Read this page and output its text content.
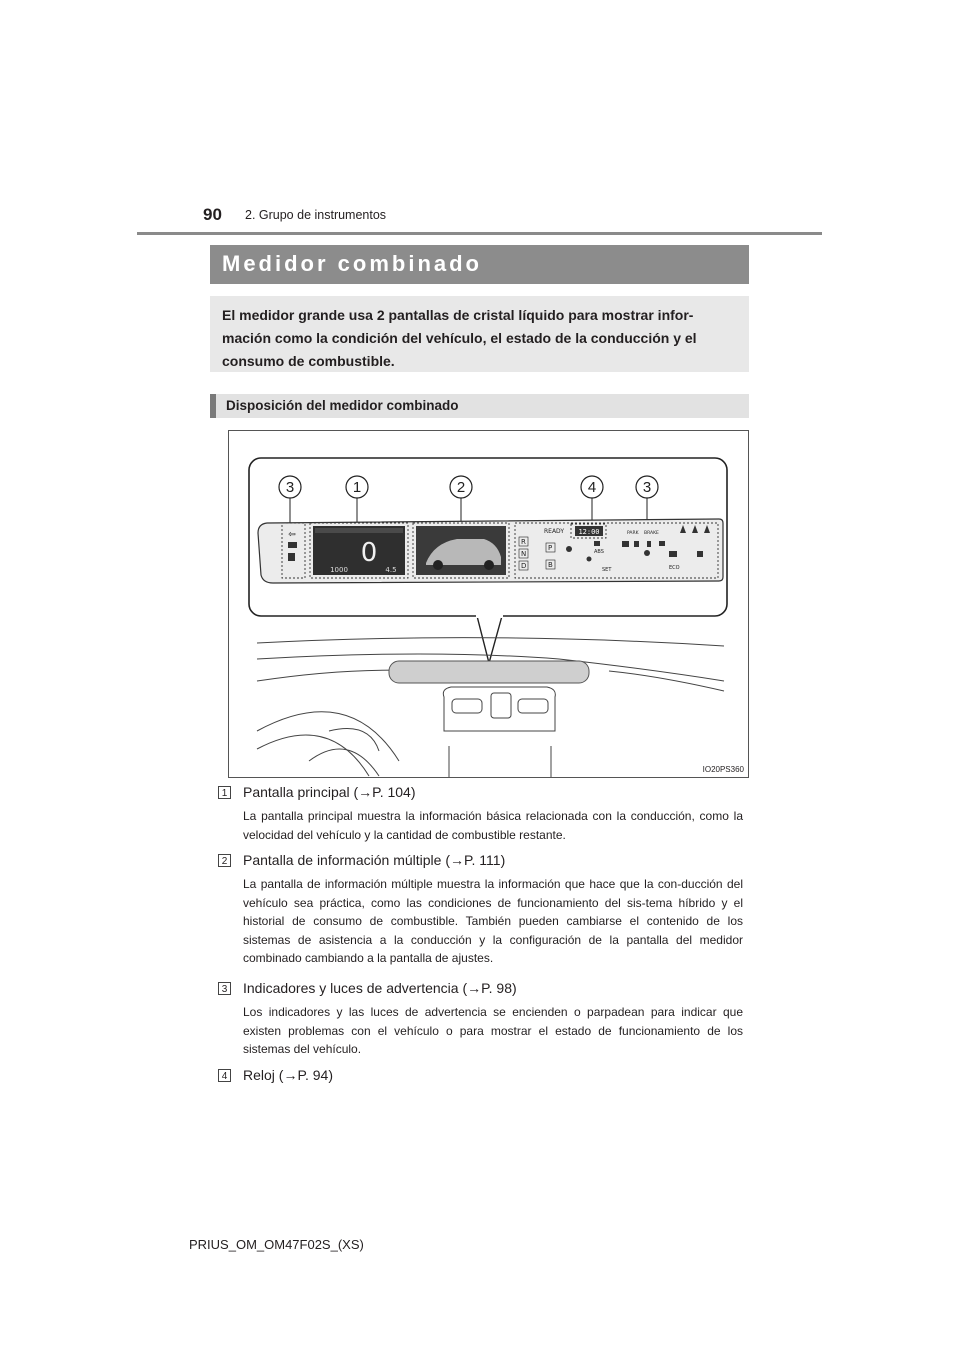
90 2. Grupo de instrumentos
Medidor combinado
El medidor grande usa 2 pantallas de cristal líquido para mostrar infor-mación como la condición del vehículo, el estado de la conducción y el consumo de combustible.
Disposición del medidor combinado
3	1	2	4	3
⇦
0
1000	4.5
12:00
READY	PARK BRAKE
ABS
SET	ECO
R
N
D
P
B
IO20PS360
1 Pantalla principal (→P. 104)
La pantalla principal muestra la información básica relacionada con la conducción, como la velocidad del vehículo y la cantidad de combustible restante.
2 Pantalla de información múltiple (→P. 111)
La pantalla de información múltiple muestra la información que hace que la con-ducción del vehículo sea práctica, como las condiciones de funcionamiento del sis-tema híbrido y el historial de consumo de combustible. También pueden cambiarse el contenido de los sistemas de asistencia a la conducción y la configuración de la pantalla del medidor combinado cambiando a la pantalla de ajustes.
3 Indicadores y luces de advertencia (→P. 98)
Los indicadores y las luces de advertencia se encienden o parpadean para indicar que existen problemas con el vehículo o para mostrar el estado de funcionamiento de los sistemas del vehículo.
4 Reloj (→P. 94)
PRIUS_OM_OM47F02S_(XS)
